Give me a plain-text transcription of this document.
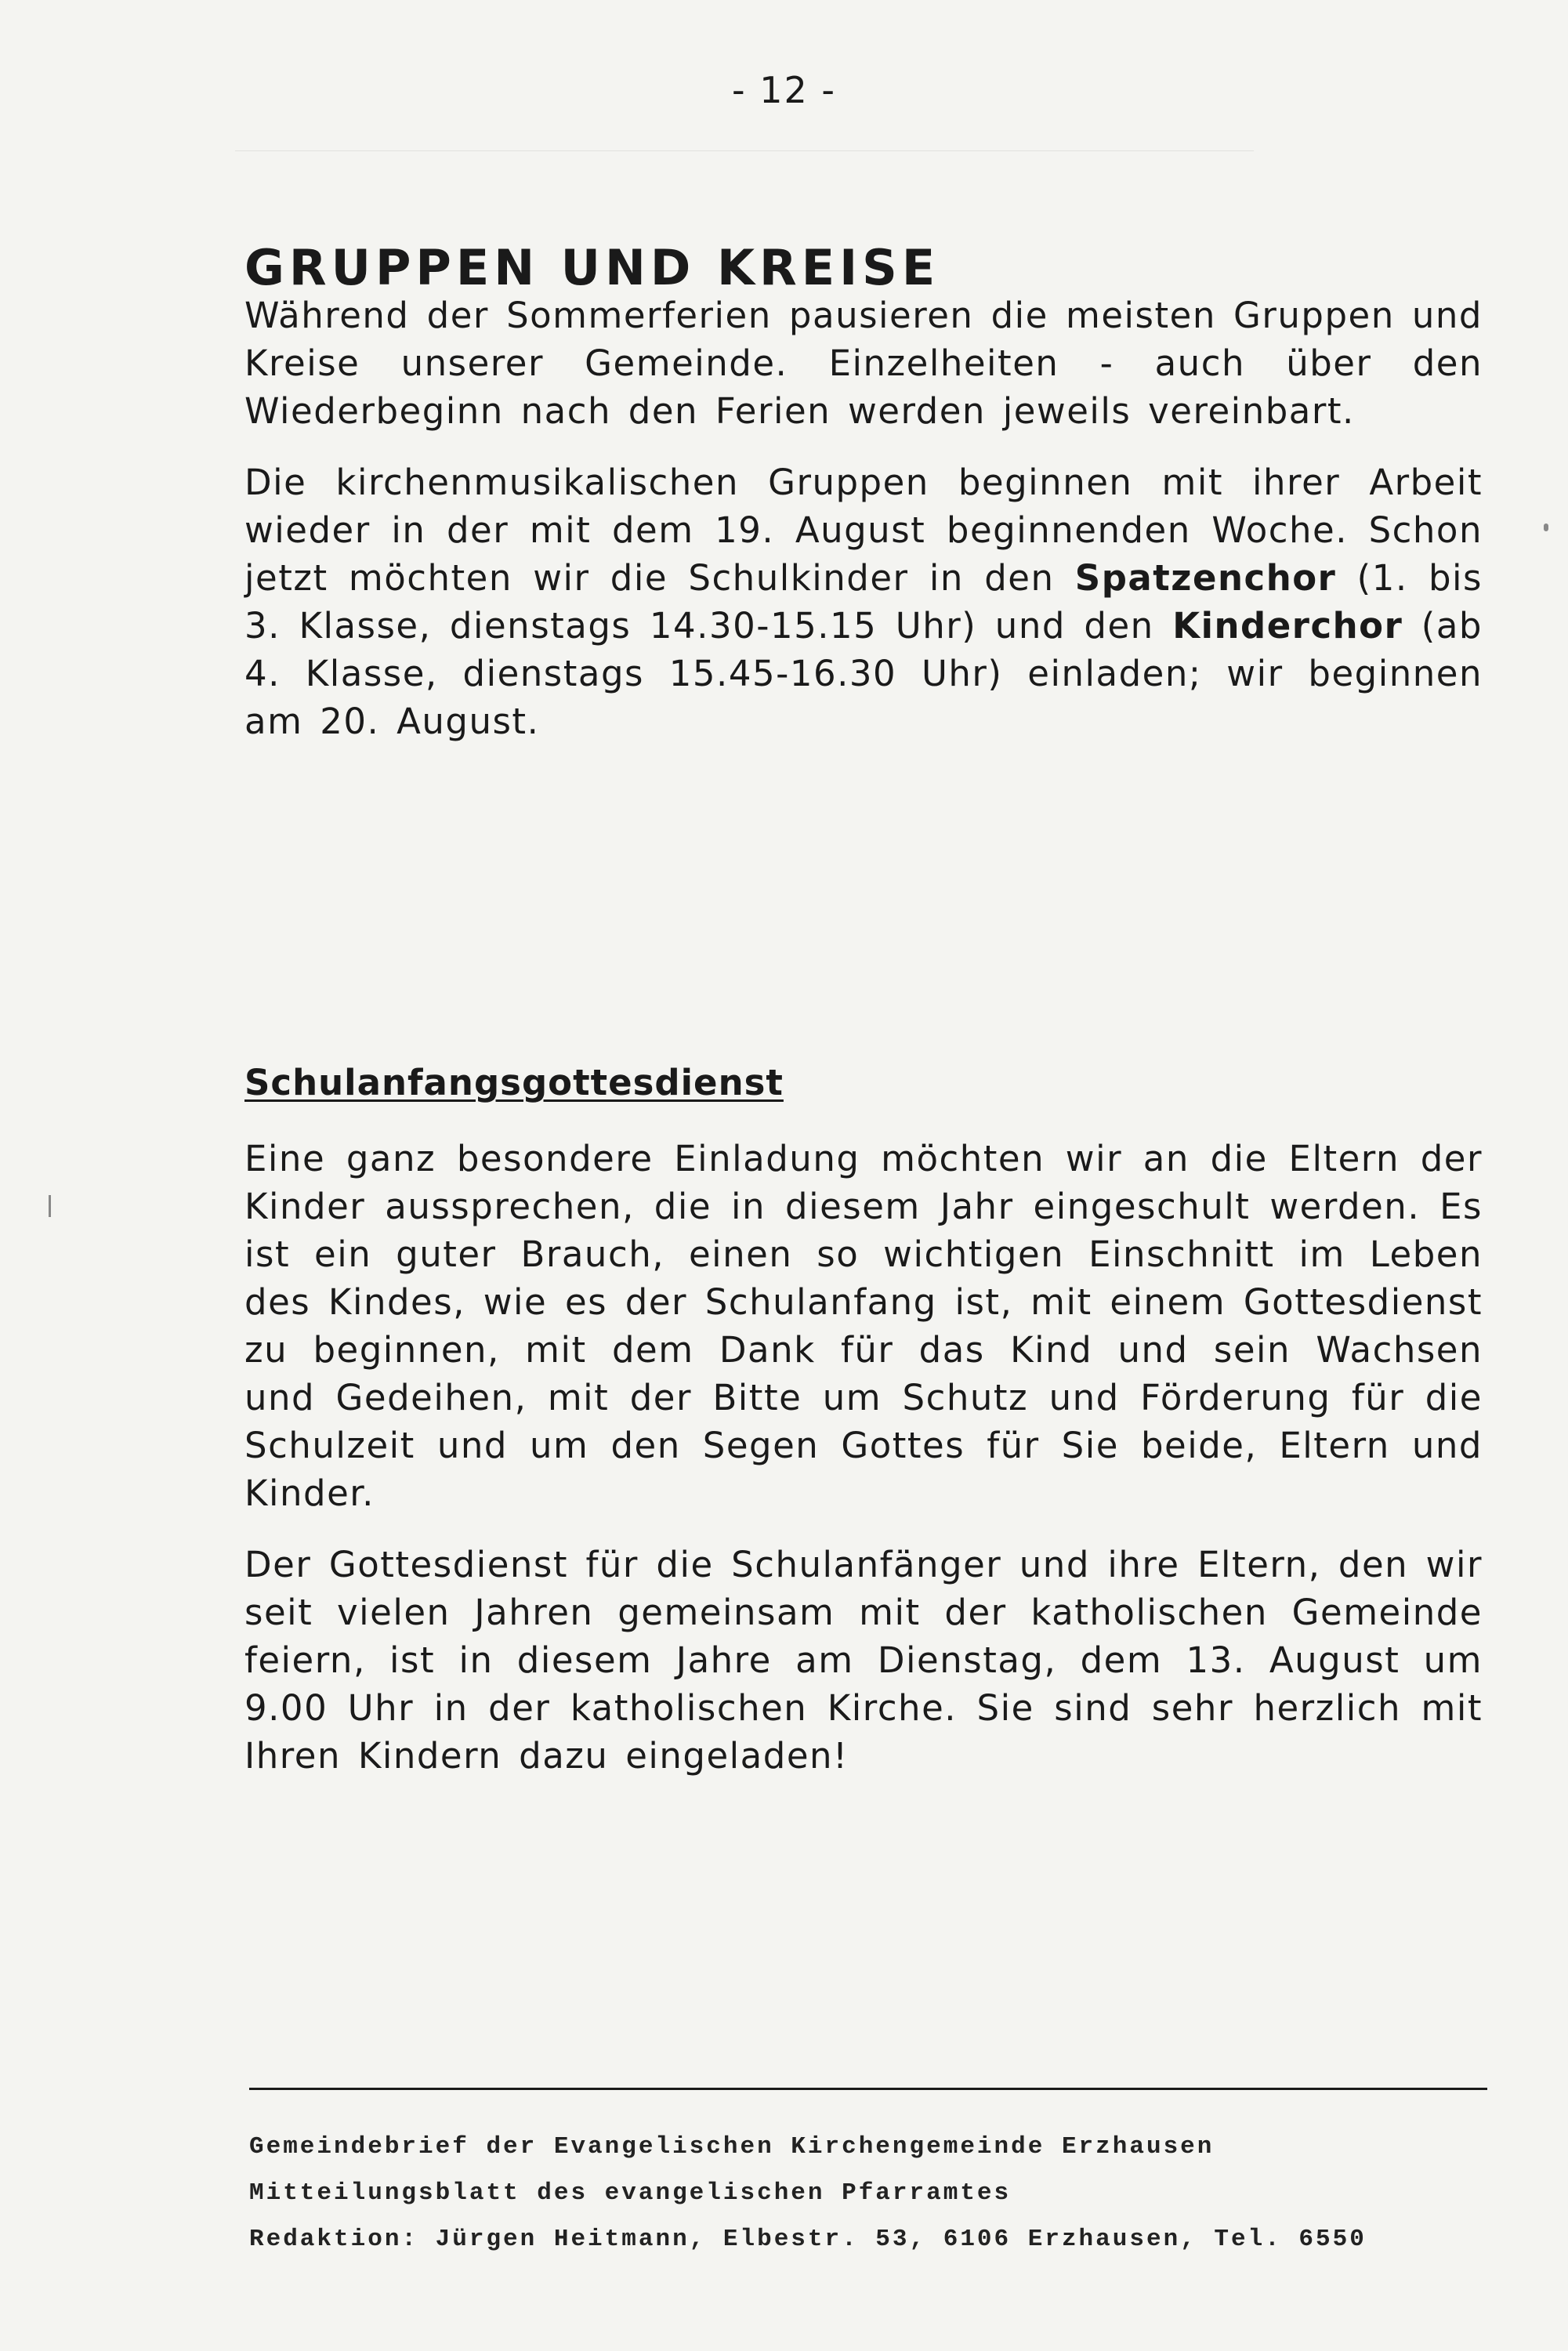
- 12 -
GRUPPEN UND KREISE

Während der Sommerferien pausieren die meisten Gruppen und Kreise unserer Gemeinde. Einzelheiten - auch über den Wiederbeginn nach den Ferien werden jeweils vereinbart.

Die kirchenmusikalischen Gruppen beginnen mit ihrer Arbeit wieder in der mit dem 19. August beginnenden Woche. Schon jetzt möchten wir die Schulkinder in den Spatzenchor (1. bis 3. Klasse, dienstags 14.30-15.15 Uhr) und den Kinderchor (ab 4. Klasse, dienstags 15.45-16.30 Uhr) einladen; wir beginnen am 20. August.

Schulanfangsgottesdienst

Eine ganz besondere Einladung möchten wir an die Eltern der Kinder aussprechen, die in diesem Jahr eingeschult werden. Es ist ein guter Brauch, einen so wichtigen Einschnitt im Leben des Kindes, wie es der Schulanfang ist, mit einem Gottesdienst zu beginnen, mit dem Dank für das Kind und sein Wachsen und Gedeihen, mit der Bitte um Schutz und Förderung für die Schulzeit und um den Segen Gottes für Sie beide, Eltern und Kinder.

Der Gottesdienst für die Schulanfänger und ihre Eltern, den wir seit vielen Jahren gemeinsam mit der katholischen Gemeinde feiern, ist in diesem Jahre am Dienstag, dem 13. August um 9.00 Uhr in der katholischen Kirche. Sie sind sehr herzlich mit Ihren Kindern dazu eingeladen!

Gemeindebrief der Evangelischen Kirchengemeinde Erzhausen
Mitteilungsblatt des evangelischen Pfarramtes
Redaktion: Jürgen Heitmann, Elbestr. 53, 6106 Erzhausen, Tel. 6550
